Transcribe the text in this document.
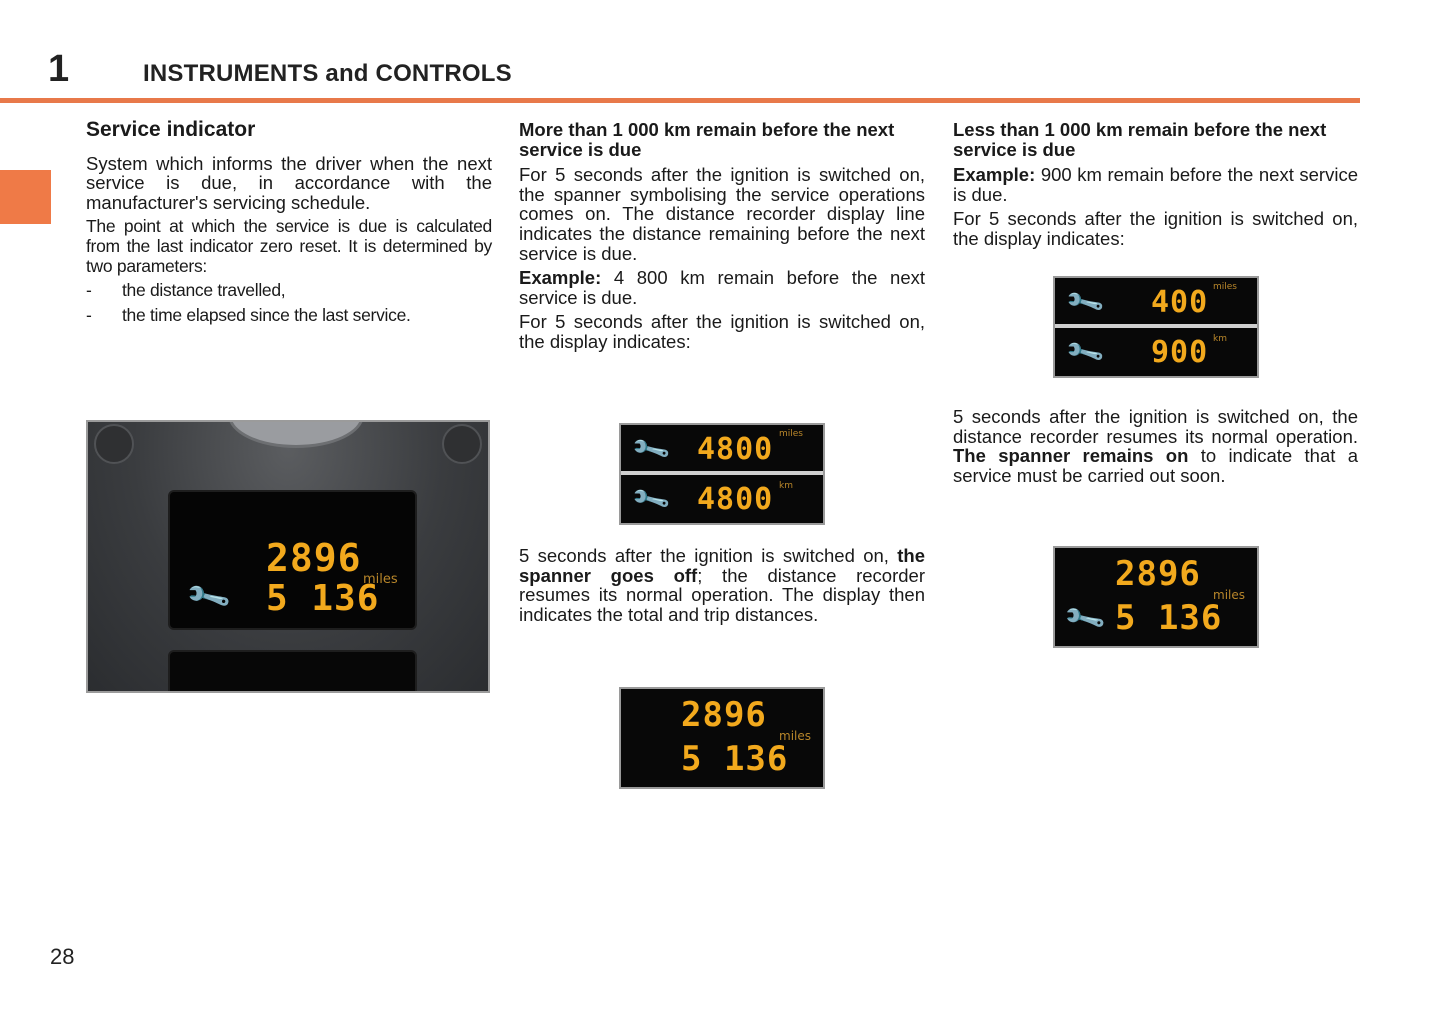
1	INSTRUMENTS and CONTROLS

Service indicator

System which informs the driver when the next service is due, in accordance with the manufacturer's servicing schedule.

The point at which the service is due is calculated from the last indicator zero reset. It is determined by two parameters:

-	the distance travelled,
-	the time elapsed since the last service.
2896
5 136
miles
🔧

More than 1 000 km remain before the next service is due

For 5 seconds after the ignition is switched on, the spanner symbolising the service operations comes on. The distance recorder display line indicates the distance remaining before the next service is due.

Example: 4 800 km remain before the next service is due.

For 5 seconds after the ignition is switched on, the display indicates:

5 seconds after the ignition is switched on, the spanner goes off; the distance recorder resumes its normal operation. The display then indicates the total and trip distances.

🔧 4800 miles
🔧 4800 km
2896
5 136
miles

Less than 1 000 km remain before the next service is due

Example: 900 km remain before the next service is due.

For 5 seconds after the ignition is switched on, the display indicates:

5 seconds after the ignition is switched on, the distance recorder resumes its normal operation. The spanner remains on to indicate that a service must be carried out soon.

🔧 400 miles
🔧 900 km
2896
5 136
miles
🔧
28
